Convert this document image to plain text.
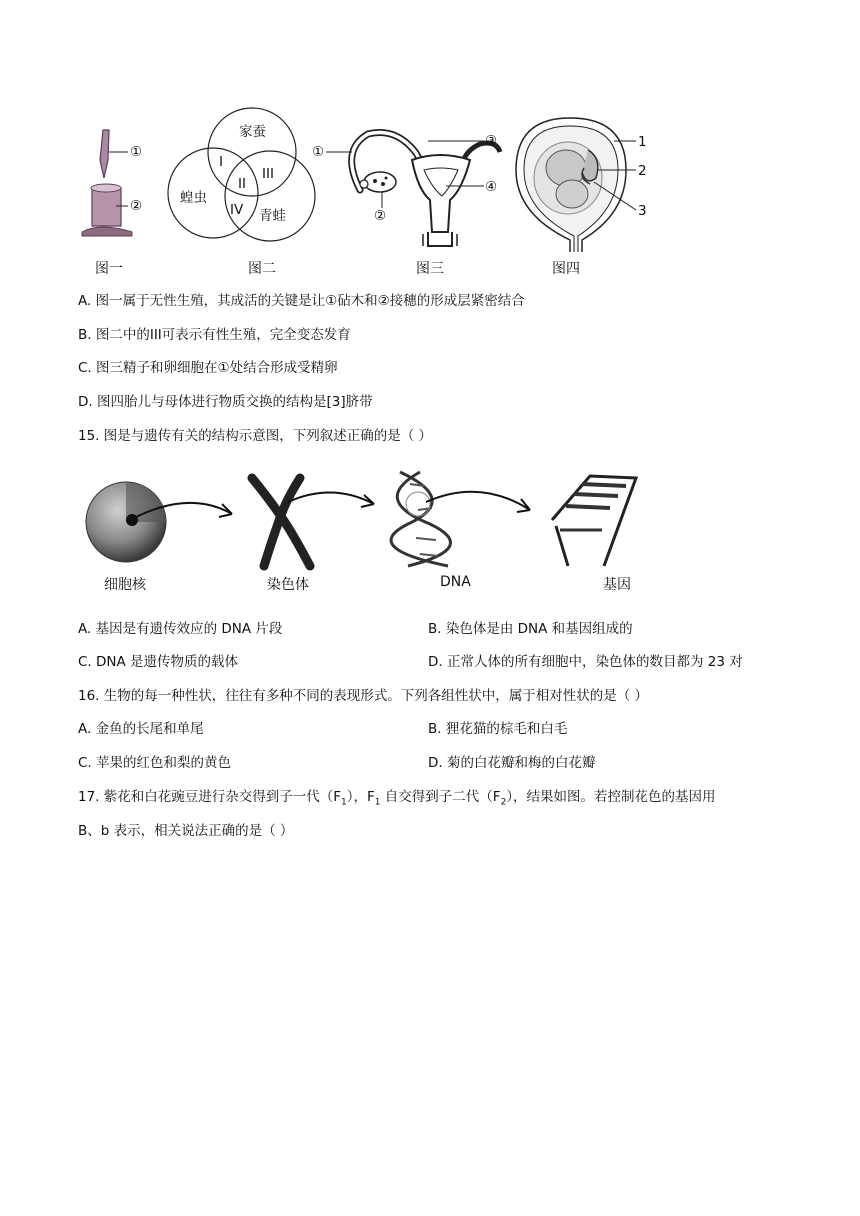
①
②
图一
家蚕
蝗虫
青蛙
I
II
III
IV
图二
①
②
③
④
图三
1
2
3
图四
A. 图一属于无性生殖，其成活的关键是让①砧木和②接穗的形成层紧密结合
B. 图二中的III可表示有性生殖，完全变态发育
C. 图三精子和卵细胞在①处结合形成受精卵
D. 图四胎儿与母体进行物质交换的结构是[3]脐带
15. 图是与遗传有关的结构示意图，下列叙述正确的是（ ）
细胞核	染色体	DNA	基因
A. 基因是有遗传效应的 DNA 片段	B. 染色体是由 DNA 和基因组成的
C. DNA 是遗传物质的载体	D. 正常人体的所有细胞中，染色体的数目都为 23 对
16. 生物的每一种性状，往往有多种不同的表现形式。下列各组性状中，属于相对性状的是（ ）
A. 金鱼的长尾和单尾	B. 狸花猫的棕毛和白毛
C. 苹果的红色和梨的黄色	D. 菊的白花瓣和梅的白花瓣
17. 紫花和白花豌豆进行杂交得到子一代$(F_1)$，$F_1$ 自交得到子二代$(F_2)$，结果如图。若控制花色的基因用
B、b 表示，相关说法正确的是（ ）
